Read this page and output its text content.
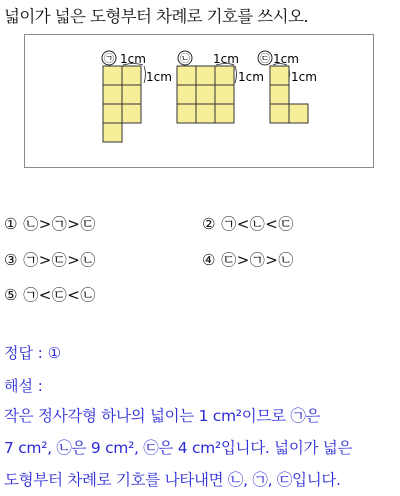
넓이가 넓은 도형부터 차례로 기호를 쓰시오.
㉠ 1cm
1cm
㉡ 1cm
1cm
㉢ 1cm
1cm
① ㉡>㉠>㉢	② ㉠<㉡<㉢
③ ㉠>㉢>㉡	④ ㉢>㉠>㉡
⑤ ㉠<㉢<㉡
정답 : ①
해설 :
작은 정사각형 하나의 넓이는 1 cm²이므로 ㉠은
7 cm², ㉡은 9 cm², ㉢은 4 cm²입니다. 넓이가 넓은
도형부터 차례로 기호를 나타내면 ㉡, ㉠, ㉢입니다.
